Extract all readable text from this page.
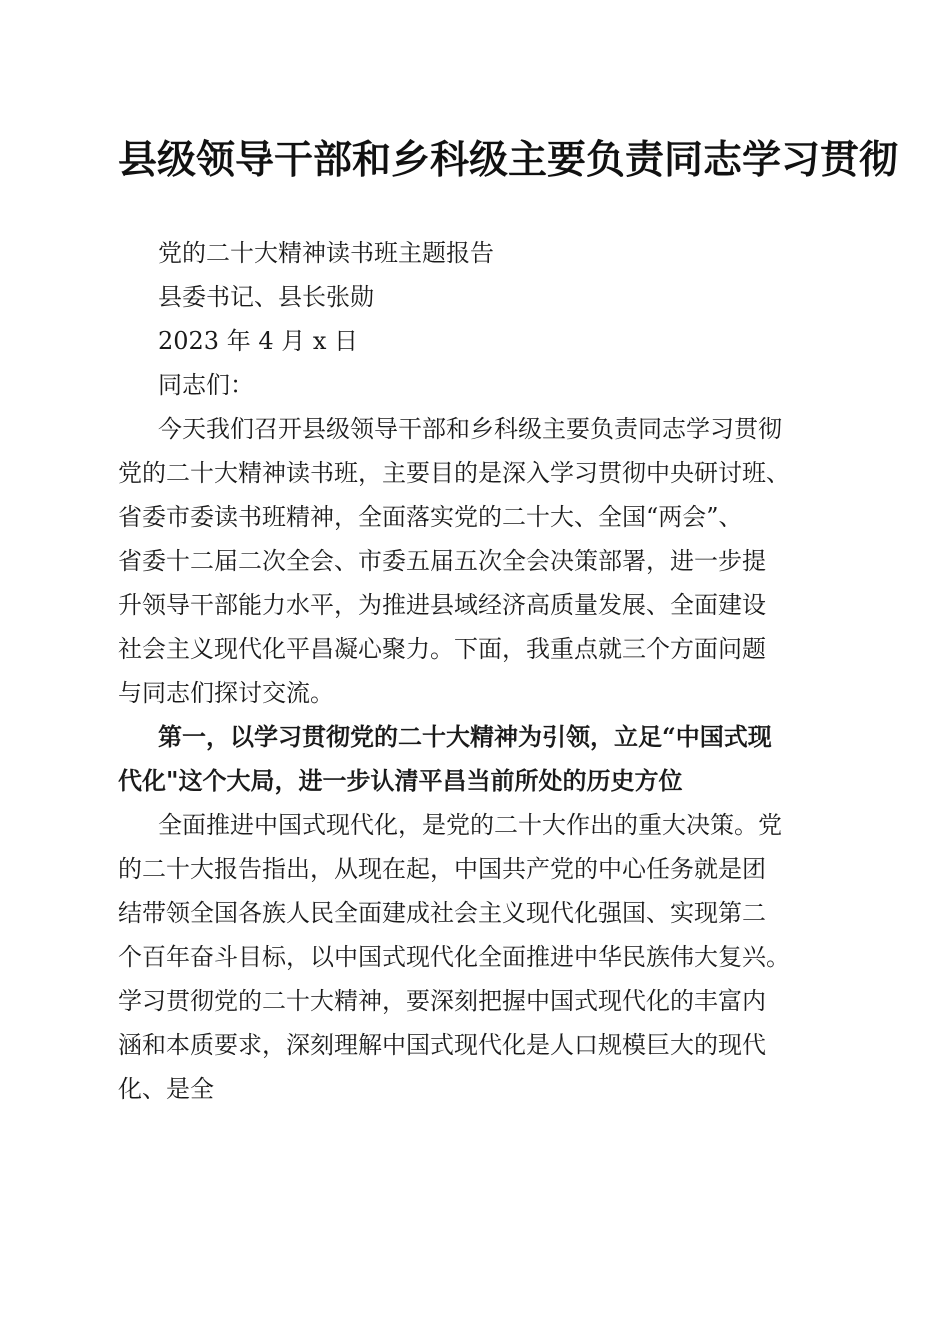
县级领导干部和乡科级主要负责同志学习贯彻
党的二十大精神读书班主题报告
县委书记、县长张勋
2023 年 4 月 x 日
同志们：
今天我们召开县级领导干部和乡科级主要负责同志学习贯彻
党的二十大精神读书班，主要目的是深入学习贯彻中央研讨班、
省委市委读书班精神，全面落实党的二十大、全国“两会”、
省委十二届二次全会、市委五届五次全会决策部署，进一步提
升领导干部能力水平，为推进县域经济高质量发展、全面建设
社会主义现代化平昌凝心聚力。下面，我重点就三个方面问题
与同志们探讨交流。
第一，以学习贯彻党的二十大精神为引领，立足“中国式现
代化"这个大局，进一步认清平昌当前所处的历史方位
全面推进中国式现代化，是党的二十大作出的重大决策。党
的二十大报告指出，从现在起，中国共产党的中心任务就是团
结带领全国各族人民全面建成社会主义现代化强国、实现第二
个百年奋斗目标，以中国式现代化全面推进中华民族伟大复兴。
学习贯彻党的二十大精神，要深刻把握中国式现代化的丰富内
涵和本质要求，深刻理解中国式现代化是人口规模巨大的现代
化、是全
